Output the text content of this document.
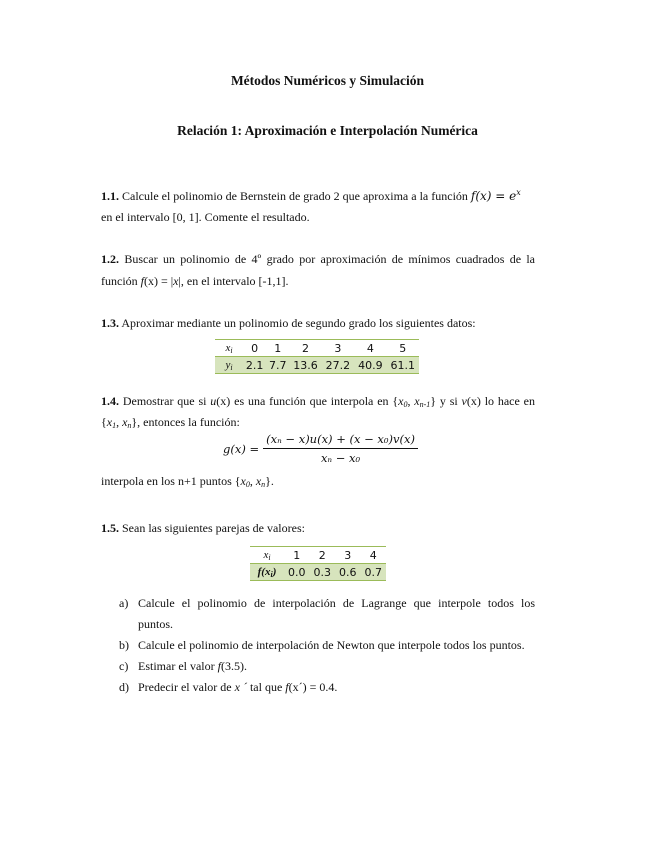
Métodos Numéricos y Simulación
Relación 1: Aproximación e Interpolación Numérica
1.1. Calcule el polinomio de Bernstein de grado 2 que aproxima a la función $f(x) = e^x$
en el intervalo [0, 1]. Comente el resultado.
1.2. Buscar un polinomio de 4º grado por aproximación de mínimos cuadrados de la
función f(x) = |x|, en el intervalo [-1,1].
1.3. Aproximar mediante un polinomio de segundo grado los siguientes datos:
$x_i$	0	1	2	3	4	5
$y_i$	2.1	7.7	13.6	27.2	40.9	61.1
1.4. Demostrar que si u(x) es una función que interpola en {$x_0$, $x_{n-1}$} y si v(x) lo hace en
{$x_1$, $x_n$}, entonces la función:
$g(x) = \frac{\text{(xₙ − x)u(x) + (x − x₀)v(x)}}{\text{xₙ − x₀}}$
interpola en los n+1 puntos {$x_0$, $x_n$}.
1.5. Sean las siguientes parejas de valores:
$x_i$	1	2	3	4
$f(x_i)$	0.0	0.3	0.6	0.7
a) Calcule el polinomio de interpolación de Lagrange que interpole todos los
puntos.
b) Calcule el polinomio de interpolación de Newton que interpole todos los puntos.
c) Estimar el valor f(3.5).
d) Predecir el valor de x ´ tal que f(x´) = 0.4.
